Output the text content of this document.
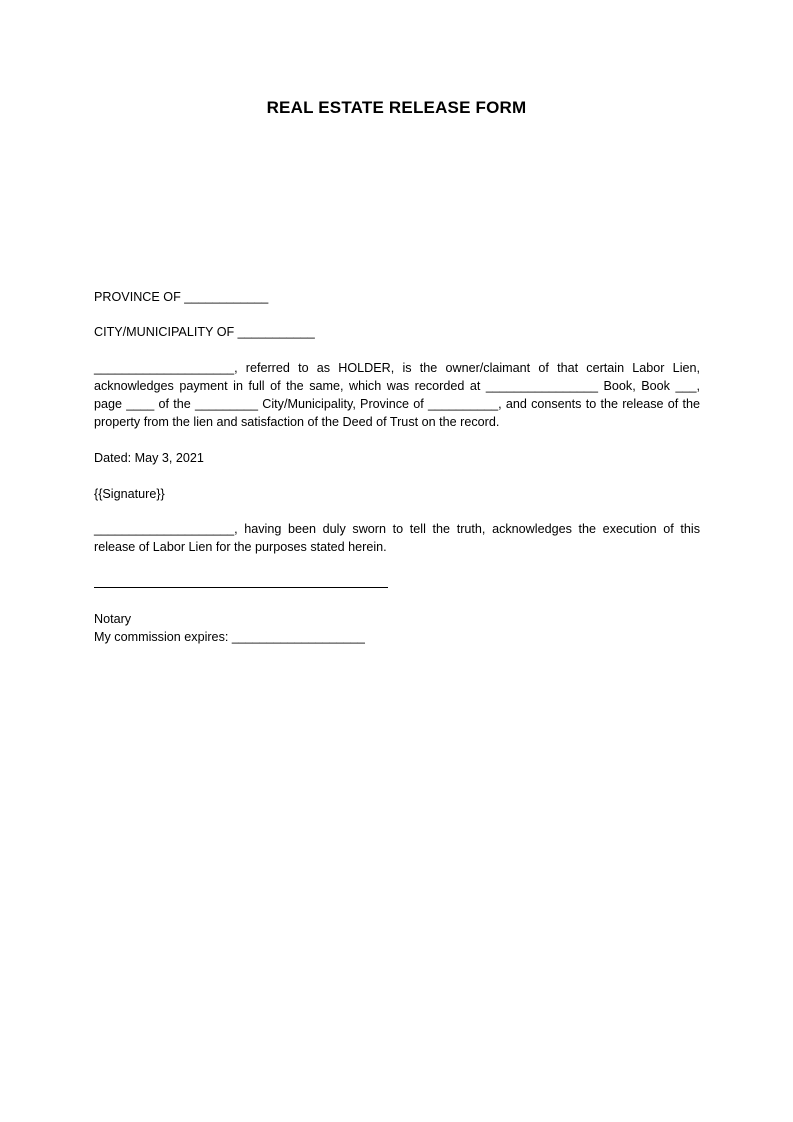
REAL ESTATE RELEASE FORM
PROVINCE OF ____________
CITY/MUNICIPALITY OF ___________
____________________, referred to as HOLDER, is the owner/claimant of that certain Labor Lien, acknowledges payment in full of the same, which was recorded at ________________ Book, Book ___, page ____ of the _________ City/Municipality, Province of __________, and consents to the release of the property from the lien and satisfaction of the Deed of Trust on the record.
Dated: May 3, 2021
{{Signature}}
____________________, having been duly sworn to tell the truth, acknowledges the execution of this release of Labor Lien for the purposes stated herein.
Notary
My commission expires: ___________________
